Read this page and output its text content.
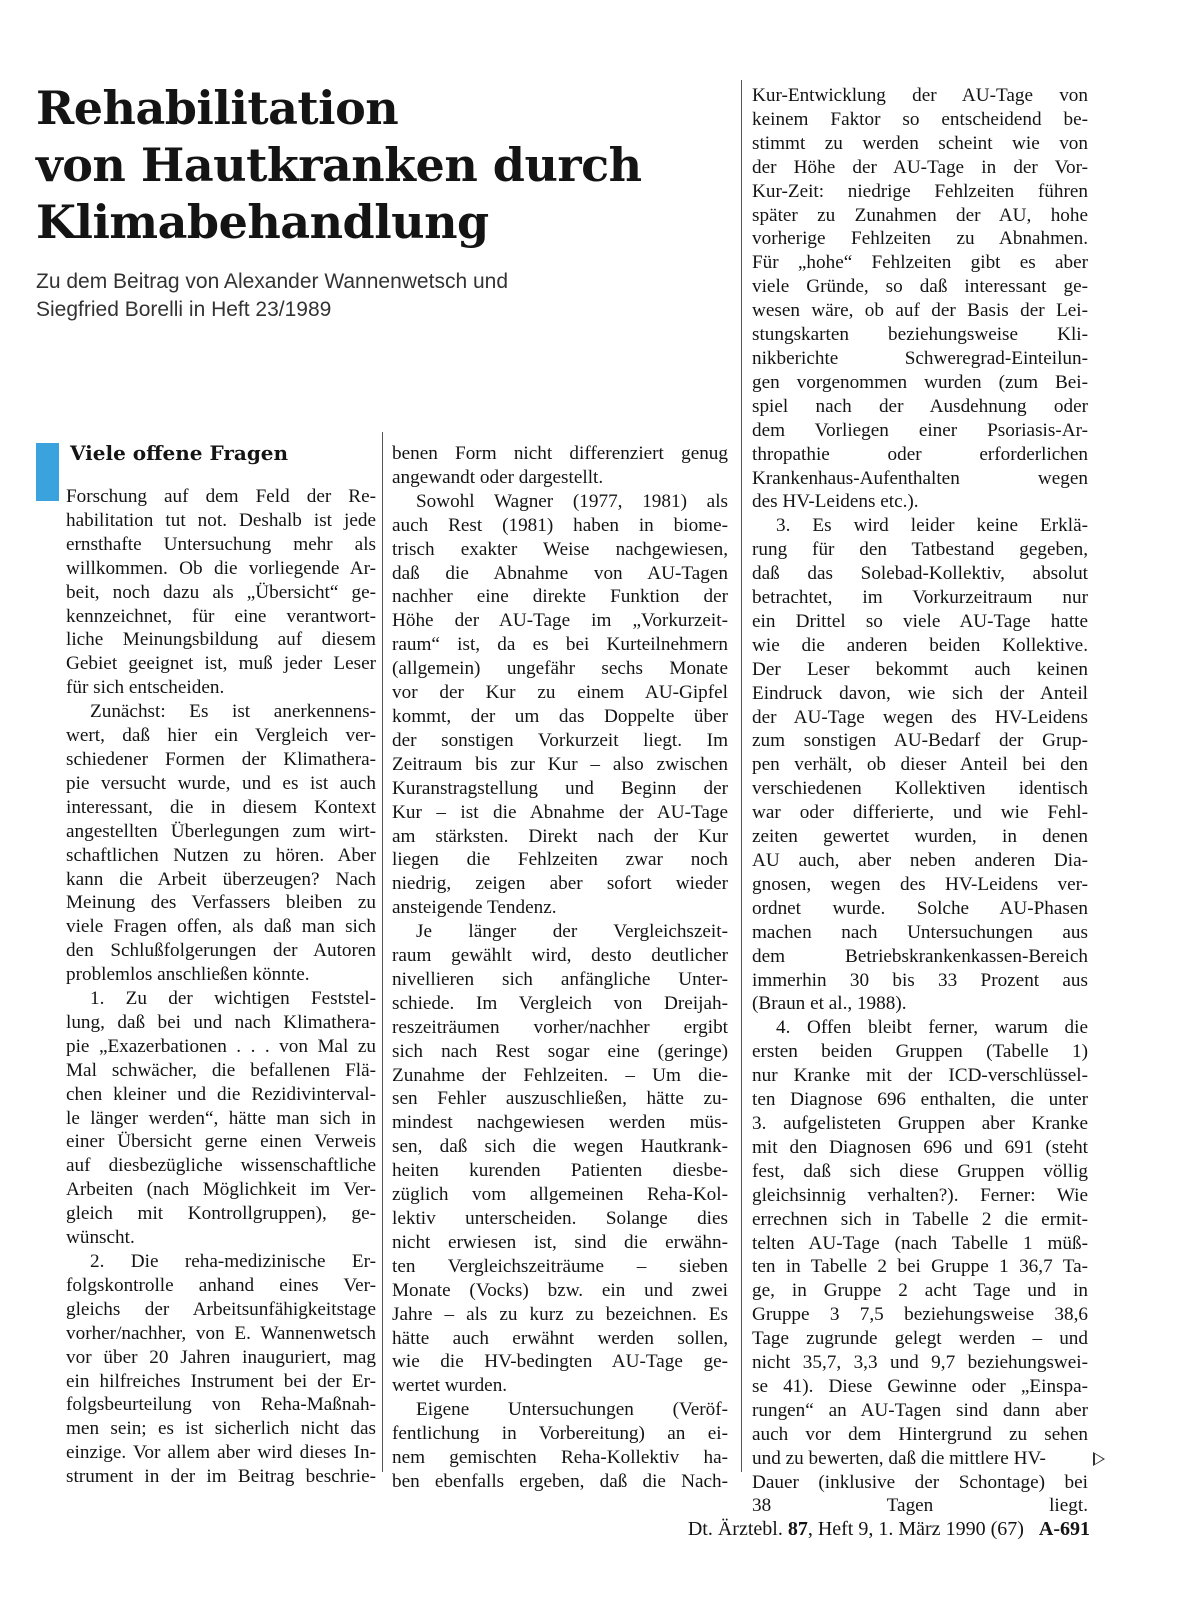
Rehabilitation
von Hautkranken durch
Klimabehandlung
Zu dem Beitrag von Alexander Wannenwetsch und
Siegfried Borelli in Heft 23/1989
Viele offene Fragen
Forschung auf dem Feld der Re-
habilitation tut not. Deshalb ist jede
ernsthafte Untersuchung mehr als
willkommen. Ob die vorliegende Ar-
beit, noch dazu als „Übersicht“ ge-
kennzeichnet, für eine verantwort-
liche Meinungsbildung auf diesem
Gebiet geeignet ist, muß jeder Leser
für sich entscheiden.
Zunächst: Es ist anerkennens-
wert, daß hier ein Vergleich ver-
schiedener Formen der Klimathera-
pie versucht wurde, und es ist auch
interessant, die in diesem Kontext
angestellten Überlegungen zum wirt-
schaftlichen Nutzen zu hören. Aber
kann die Arbeit überzeugen? Nach
Meinung des Verfassers bleiben zu
viele Fragen offen, als daß man sich
den Schlußfolgerungen der Autoren
problemlos anschließen könnte.
1. Zu der wichtigen Feststel-
lung, daß bei und nach Klimathera-
pie „Exazerbationen . . . von Mal zu
Mal schwächer, die befallenen Flä-
chen kleiner und die Rezidivinterval-
le länger werden“, hätte man sich in
einer Übersicht gerne einen Verweis
auf diesbezügliche wissenschaftliche
Arbeiten (nach Möglichkeit im Ver-
gleich mit Kontrollgruppen), ge-
wünscht.
2. Die reha-medizinische Er-
folgskontrolle anhand eines Ver-
gleichs der Arbeitsunfähigkeitstage
vorher/nachher, von E. Wannenwetsch
vor über 20 Jahren inauguriert, mag
ein hilfreiches Instrument bei der Er-
folgsbeurteilung von Reha-Maßnah-
men sein; es ist sicherlich nicht das
einzige. Vor allem aber wird dieses In-
strument in der im Beitrag beschrie-
benen Form nicht differenziert genug
angewandt oder dargestellt.
Sowohl Wagner (1977, 1981) als
auch Rest (1981) haben in biome-
trisch exakter Weise nachgewiesen,
daß die Abnahme von AU-Tagen
nachher eine direkte Funktion der
Höhe der AU-Tage im „Vorkurzeit-
raum“ ist, da es bei Kurteilnehmern
(allgemein) ungefähr sechs Monate
vor der Kur zu einem AU-Gipfel
kommt, der um das Doppelte über
der sonstigen Vorkurzeit liegt. Im
Zeitraum bis zur Kur – also zwischen
Kuranstragstellung und Beginn der
Kur – ist die Abnahme der AU-Tage
am stärksten. Direkt nach der Kur
liegen die Fehlzeiten zwar noch
niedrig, zeigen aber sofort wieder
ansteigende Tendenz.
Je länger der Vergleichszeit-
raum gewählt wird, desto deutlicher
nivellieren sich anfängliche Unter-
schiede. Im Vergleich von Dreijah-
reszeiträumen vorher/nachher ergibt
sich nach Rest sogar eine (geringe)
Zunahme der Fehlzeiten. – Um die-
sen Fehler auszuschließen, hätte zu-
mindest nachgewiesen werden müs-
sen, daß sich die wegen Hautkrank-
heiten kurenden Patienten diesbe-
züglich vom allgemeinen Reha-Kol-
lektiv unterscheiden. Solange dies
nicht erwiesen ist, sind die erwähn-
ten Vergleichszeiträume – sieben
Monate (Vocks) bzw. ein und zwei
Jahre – als zu kurz zu bezeichnen. Es
hätte auch erwähnt werden sollen,
wie die HV-bedingten AU-Tage ge-
wertet wurden.
Eigene Untersuchungen (Veröf-
fentlichung in Vorbereitung) an ei-
nem gemischten Reha-Kollektiv ha-
ben ebenfalls ergeben, daß die Nach-
Kur-Entwicklung der AU-Tage von
keinem Faktor so entscheidend be-
stimmt zu werden scheint wie von
der Höhe der AU-Tage in der Vor-
Kur-Zeit: niedrige Fehlzeiten führen
später zu Zunahmen der AU, hohe
vorherige Fehlzeiten zu Abnahmen.
Für „hohe“ Fehlzeiten gibt es aber
viele Gründe, so daß interessant ge-
wesen wäre, ob auf der Basis der Lei-
stungskarten beziehungsweise Kli-
nikberichte Schweregrad-Einteilun-
gen vorgenommen wurden (zum Bei-
spiel nach der Ausdehnung oder
dem Vorliegen einer Psoriasis-Ar-
thropathie oder erforderlichen
Krankenhaus-Aufenthalten wegen
des HV-Leidens etc.).
3. Es wird leider keine Erklä-
rung für den Tatbestand gegeben,
daß das Solebad-Kollektiv, absolut
betrachtet, im Vorkurzeitraum nur
ein Drittel so viele AU-Tage hatte
wie die anderen beiden Kollektive.
Der Leser bekommt auch keinen
Eindruck davon, wie sich der Anteil
der AU-Tage wegen des HV-Leidens
zum sonstigen AU-Bedarf der Grup-
pen verhält, ob dieser Anteil bei den
verschiedenen Kollektiven identisch
war oder differierte, und wie Fehl-
zeiten gewertet wurden, in denen
AU auch, aber neben anderen Dia-
gnosen, wegen des HV-Leidens ver-
ordnet wurde. Solche AU-Phasen
machen nach Untersuchungen aus
dem Betriebskrankenkassen-Bereich
immerhin 30 bis 33 Prozent aus
(Braun et al., 1988).
4. Offen bleibt ferner, warum die
ersten beiden Gruppen (Tabelle 1)
nur Kranke mit der ICD-verschlüssel-
ten Diagnose 696 enthalten, die unter
3. aufgelisteten Gruppen aber Kranke
mit den Diagnosen 696 und 691 (steht
fest, daß sich diese Gruppen völlig
gleichsinnig verhalten?). Ferner: Wie
errechnen sich in Tabelle 2 die ermit-
telten AU-Tage (nach Tabelle 1 müß-
ten in Tabelle 2 bei Gruppe 1 36,7 Ta-
ge, in Gruppe 2 acht Tage und in
Gruppe 3 7,5 beziehungsweise 38,6
Tage zugrunde gelegt werden – und
nicht 35,7, 3,3 und 9,7 beziehungswei-
se 41). Diese Gewinne oder „Einspa-
rungen“ an AU-Tagen sind dann aber
auch vor dem Hintergrund zu sehen
und zu bewerten, daß die mittlere HV-
Dauer (inklusive der Schontage) bei
38 Tagen liegt.
Dt. Ärztebl. 87, Heft 9, 1. März 1990 (67) A-691
